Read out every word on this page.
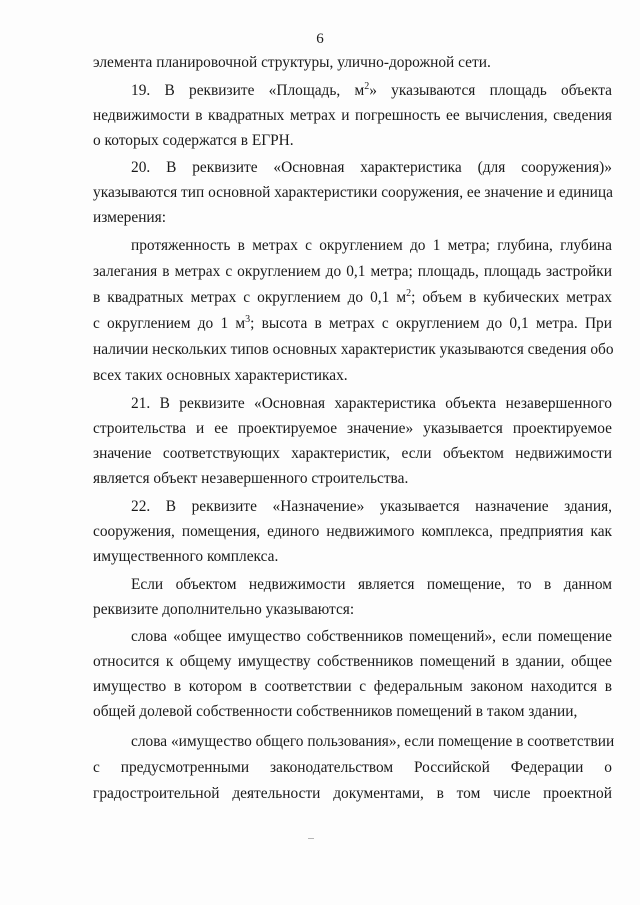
6
элемента планировочной структуры, улично-дорожной сети.
19. В реквизите «Площадь, $м^2$» указываются площадь объекта
недвижимости в квадратных метрах и погрешность ее вычисления, сведения
о которых содержатся в ЕГРН.
20. В реквизите «Основная характеристика (для сооружения)»
указываются тип основной характеристики сооружения, ее значение и единица
измерения:
протяженность в метрах с округлением до 1 метра; глубина, глубина
залегания в метрах с округлением до 0,1 метра; площадь, площадь застройки
в квадратных метрах с округлением до 0,1 $м^2$; объем в кубических метрах
с округлением до 1 $м^3$; высота в метрах с округлением до 0,1 метра. При
наличии нескольких типов основных характеристик указываются сведения обо
всех таких основных характеристиках.
21. В реквизите «Основная характеристика объекта незавершенного
строительства и ее проектируемое значение» указывается проектируемое
значение соответствующих характеристик, если объектом недвижимости
является объект незавершенного строительства.
22. В реквизите «Назначение» указывается назначение здания,
сооружения, помещения, единого недвижимого комплекса, предприятия как
имущественного комплекса.
Если объектом недвижимости является помещение, то в данном
реквизите дополнительно указываются:
слова «общее имущество собственников помещений», если помещение
относится к общему имуществу собственников помещений в здании, общее
имущество в котором в соответствии с федеральным законом находится в
общей долевой собственности собственников помещений в таком здании,
слова «имущество общего пользования», если помещение в соответствии
с предусмотренными законодательством Российской Федерации о
градостроительной деятельности документами, в том числе проектной
